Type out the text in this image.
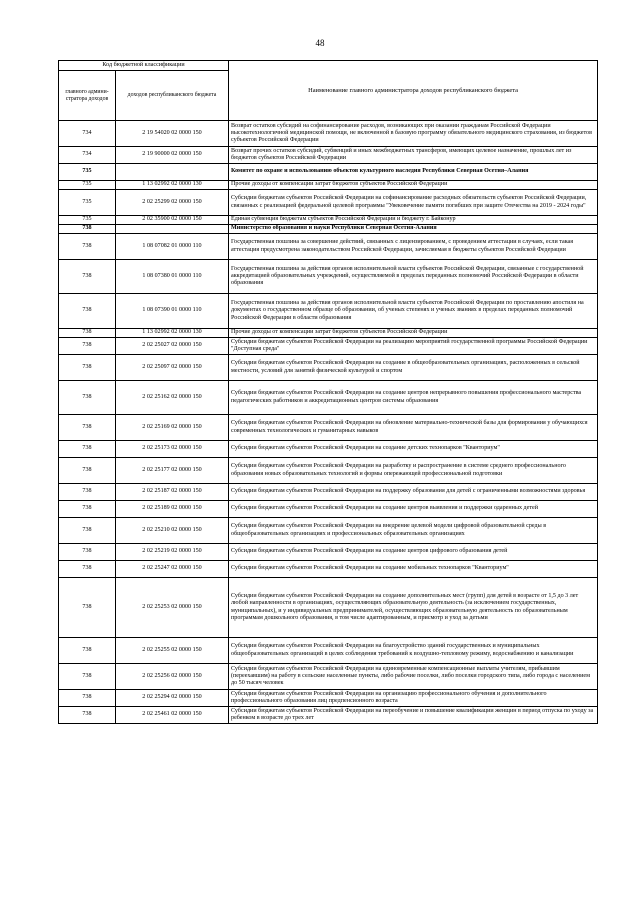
48
Код бюджетной классификации		Наименование главного администратора доходов республиканского бюджета
главного админи-стратора доходов	доходов республиканского бюджета	
734	2 19 54020 02 0000 150	Возврат остатков субсидий на софинансирование расходов, возникающих при оказании гражданам Российской Федерации высокотехнологичной медицинской помощи, не включенной в базовую программу обязательного медицинского страхования, из бюджетов субъектов Российской Федерации
734	2 19 90000 02 0000 150	Возврат прочих остатков субсидий, субвенций и иных межбюджетных трансферов, имеющих целевое назначение, прошлых лет из бюджетов субъектов Российской Федерации
735		Комитет по охране и использованию объектов культурного наследия Республики Северная Осетия–Алания
735	1 13 02992 02 0000 130	Прочие доходы от компенсации затрат бюджетов субъектов Российской Федерации
735	2 02 25299 02 0000 150	Субсидии бюджетам субъектов Российской Федерации на софинансирование расходных обязательств субъектов Российской Федерации, связанных с реализацией федеральной целевой программы "Увековечение памяти погибших при защите Отечества на 2019 - 2024 годы"
735	2 02 35900 02 0000 150	Единая субвенция бюджетам субъектов Российской Федерации и бюджету г. Байконур
738		Министерство образования и науки Республики Северная Осетия-Алания
738	1 08 07082 01 0000 110	Государственная пошлина за совершение действий, связанных с лицензированием, с проведением аттестации в случаях, если такая аттестация предусмотрена законодательством Российской Федерации, зачисляемая в бюджеты субъектов Российской Федерации
738	1 08 07380 01 0000 110	Государственная пошлина за действия органов исполнительной власти субъектов Российской Федерации, связанные с государственной аккредитацией образовательных учреждений, осуществляемой в пределах переданных полномочий Российской Федерации в области образования
738	1 08 07390 01 0000 110	Государственная пошлина за действия органов исполнительной власти субъектов Российской Федерации по проставлению апостиля на документах о государственном образце об образовании, об ученых степенях и ученых званиях в пределах переданных полномочий Российской Федерации в области образования
738	1 13 02992 02 0000 130	Прочие доходы от компенсации затрат бюджетов субъектов Российской Федерации
738	2 02 25027 02 0000 150	Субсидии бюджетам субъектов Российской Федерации на реализацию мероприятий государственной программы Российской Федерации "Доступная среда"
738	2 02 25097 02 0000 150	Субсидии бюджетам субъектов Российской Федерации на создание в общеобразовательных организациях, расположенных в сельской местности, условий для занятий физической культурой и спортом
738	2 02 25162 02 0000 150	Субсидии бюджетам субъектов Российской Федерации на создание центров непрерывного повышения профессионального мастерства педагогических работников и аккредитационных центров системы образования
738	2 02 25169 02 0000 150	Субсидии бюджетам субъектов Российской Федерации на обновление материально-технической базы для формирования у обучающихся современных технологических и гуманитарных навыков
738	2 02 25173 02 0000 150	Субсидии бюджетам субъектов Российской Федерации на создание детских технопарков "Кванториум"
738	2 02 25177 02 0000 150	Субсидии бюджетам субъектов Российской Федерации на разработку и распространение в системе среднего профессионального образования новых образовательных технологий и формы опережающей профессиональной подготовки
738	2 02 25187 02 0000 150	Субсидии бюджетам субъектов Российской Федерации на поддержку образования для детей с ограниченными возможностями здоровья
738	2 02 25189 02 0000 150	Субсидии бюджетам субъектов Российской Федерации на создание центров выявления и поддержки одаренных детей
738	2 02 25210 02 0000 150	Субсидии бюджетам субъектов Российской Федерации на внедрение целевой модели цифровой образовательной среды в общеобразовательных организациях и профессиональных образовательных организациях
738	2 02 25219 02 0000 150	Субсидии бюджетам субъектов Российской Федерации на создание центров цифрового образования детей
738	2 02 25247 02 0000 150	Субсидии бюджетам субъектов Российской Федерации на создание мобильных технопарков "Кванториум"
738	2 02 25253 02 0000 150	Субсидии бюджетам субъектов Российской Федерации на создание дополнительных мест (групп) для детей в возрасте от 1,5 до 3 лет любой направленности в организациях, осуществляющих образовательную деятельность (за исключением государственных, муниципальных), и у индивидуальных предпринимателей, осуществляющих образовательную деятельность по образовательным программам дошкольного образования, в том числе адаптированным, и присмотр и уход за детьми
738	2 02 25255 02 0000 150	Субсидии бюджетам субъектов Российской Федерации на благоустройство зданий государственных и муниципальных общеобразовательных организаций в целях соблюдения требований к воздушно-тепловому режиму, водоснабжению и канализации
738	2 02 25256 02 0000 150	Субсидии бюджетам субъектов Российской Федерации на единовременные компенсационные выплаты учителям, прибывшим (переехавшим) на работу в сельские населенные пункты, либо рабочие поселки, либо поселки городского типа, либо города с населением до 50 тысяч человек
738	2 02 25294 02 0000 150	Субсидии бюджетам субъектов Российской Федерации на организацию профессионального обучения и дополнительного профессионального образования лиц предпенсионного возраста
738	2 02 25461 02 0000 150	Субсидии бюджетам субъектов Российской Федерации на переобучение и повышение квалификации женщин в период отпуска по уходу за ребенком в возрасте до трех лет
